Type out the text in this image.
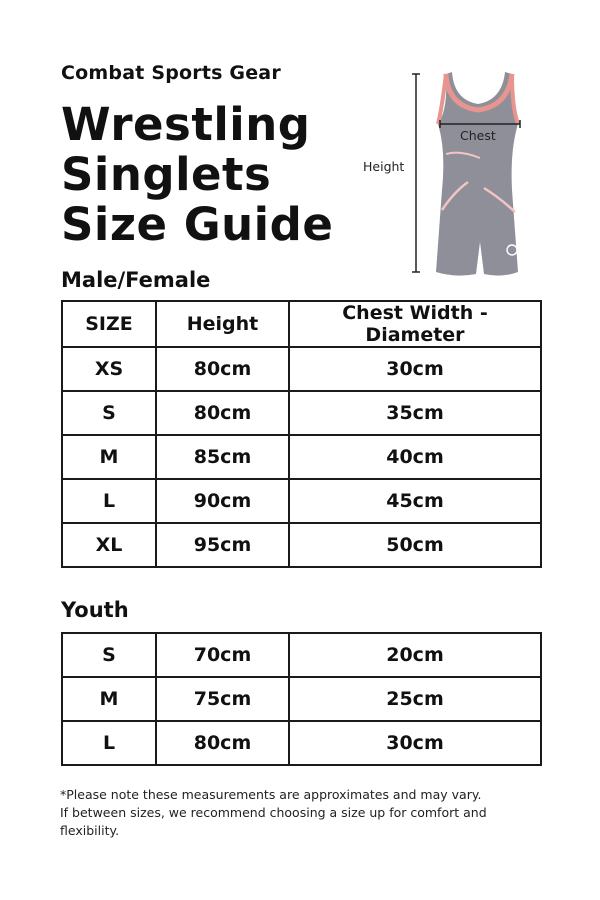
Combat Sports Gear
Wrestling
Singlets
Size Guide
Chest
Height
Male/Female
SIZE	Height	Chest Width - Diameter
XS	80cm	30cm
S	80cm	35cm
M	85cm	40cm
L	90cm	45cm
XL	95cm	50cm
Youth
S	70cm	20cm
M	75cm	25cm
L	80cm	30cm
*Please note these measurements are approximates and may vary.
If between sizes, we recommend choosing a size up for comfort and
flexibility.
